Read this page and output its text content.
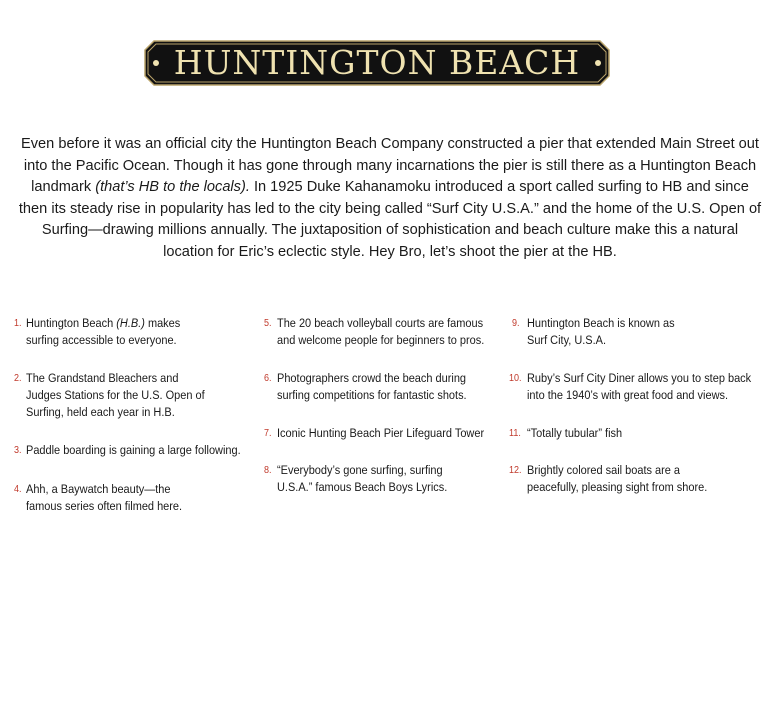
HUNTINGTON BEACH
Even before it was an official city the Huntington Beach Company constructed a pier that extended Main Street out into the Pacific Ocean. Though it has gone through many incarnations the pier is still there as a Huntington Beach landmark (that’s HB to the locals). In 1925 Duke Kahanamoku introduced a sport called surfing to HB and since then its steady rise in popularity has led to the city being called “Surf City U.S.A.” and the home of the U.S. Open of Surfing—drawing millions annually. The juxtaposition of sophistication and beach culture make this a natural location for Eric’s eclectic style. Hey Bro, let’s shoot the pier at the HB.
1. Huntington Beach (H.B.) makes surfing accessible to everyone.
2. The Grandstand Bleachers and Judges Stations for the U.S. Open of Surfing, held each year in H.B.
3. Paddle boarding is gaining a large following.
4. Ahh, a Baywatch beauty—the famous series often filmed here.
5. The 20 beach volleyball courts are famous and welcome people for beginners to pros.
6. Photographers crowd the beach during surfing competitions for fantastic shots.
7. Iconic Hunting Beach Pier Lifeguard Tower
8. “Everybody’s gone surfing, surfing U.S.A.” famous Beach Boys Lyrics.
9. Huntington Beach is known as Surf City, U.S.A.
10. Ruby’s Surf City Diner allows you to step back into the 1940’s with great food and views.
11. “Totally tubular” fish
12. Brightly colored sail boats are a peacefully, pleasing sight from shore.
